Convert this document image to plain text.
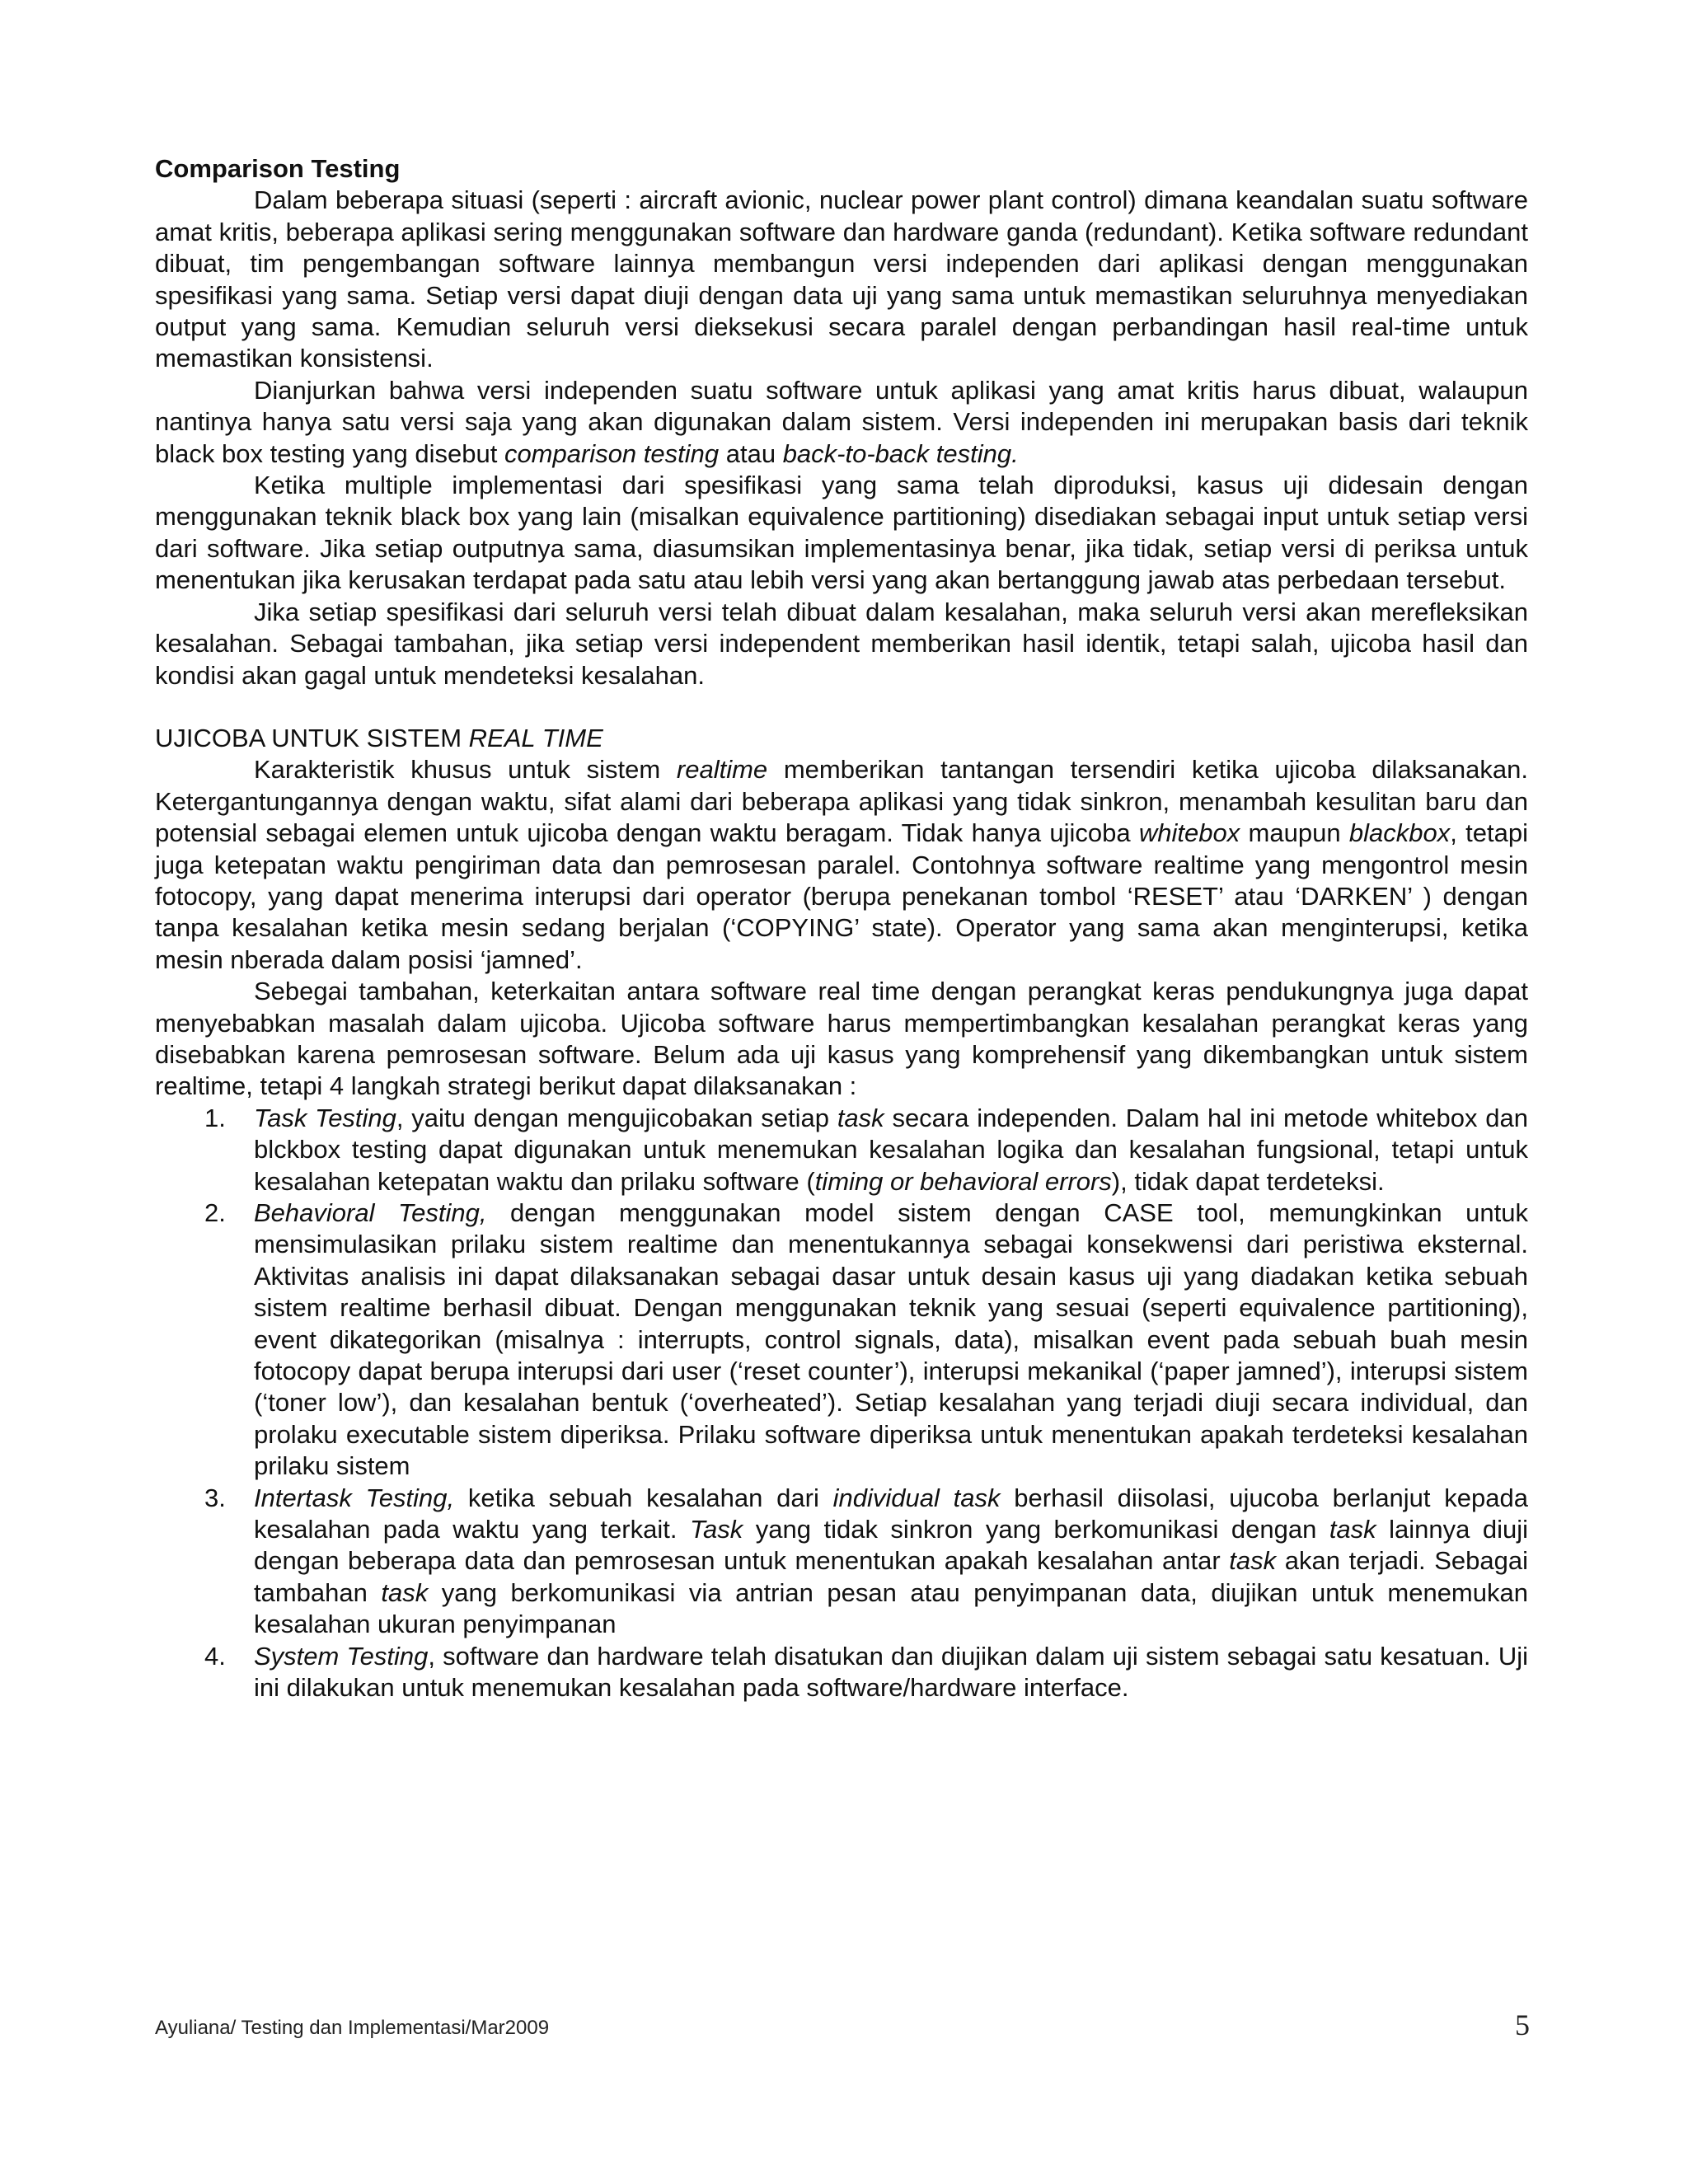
Comparison Testing

Dalam beberapa situasi (seperti : aircraft avionic, nuclear power plant control) dimana keandalan suatu software amat kritis, beberapa aplikasi sering menggunakan software dan hardware ganda (redundant). Ketika software redundant dibuat, tim pengembangan software lainnya membangun versi independen dari aplikasi dengan menggunakan spesifikasi yang sama. Setiap versi dapat diuji dengan data uji yang sama untuk memastikan seluruhnya menyediakan output yang sama. Kemudian seluruh versi dieksekusi secara paralel dengan perbandingan hasil real-time untuk memastikan konsistensi.

Dianjurkan bahwa versi independen suatu software untuk aplikasi yang amat kritis harus dibuat, walaupun nantinya hanya satu versi saja yang akan digunakan dalam sistem. Versi independen ini merupakan basis dari teknik black box testing yang disebut comparison testing atau back-to-back testing.

Ketika multiple implementasi dari spesifikasi yang sama telah diproduksi, kasus uji didesain dengan menggunakan teknik black box yang lain (misalkan equivalence partitioning) disediakan sebagai input untuk setiap versi dari software. Jika setiap outputnya sama, diasumsikan implementasinya benar, jika tidak, setiap versi di periksa untuk menentukan jika kerusakan terdapat pada satu atau lebih versi yang akan bertanggung jawab atas perbedaan tersebut.

Jika setiap spesifikasi dari seluruh versi telah dibuat dalam kesalahan, maka seluruh versi akan merefleksikan kesalahan. Sebagai tambahan, jika setiap versi independent memberikan hasil identik, tetapi salah, ujicoba hasil dan kondisi akan gagal untuk mendeteksi kesalahan.

UJICOBA UNTUK SISTEM REAL TIME

Karakteristik khusus untuk sistem realtime memberikan tantangan tersendiri ketika ujicoba dilaksanakan. Ketergantungannya dengan waktu, sifat alami dari beberapa aplikasi yang tidak sinkron, menambah kesulitan baru dan potensial sebagai elemen untuk ujicoba dengan waktu beragam. Tidak hanya ujicoba whitebox maupun blackbox, tetapi juga ketepatan waktu pengiriman data dan pemrosesan paralel. Contohnya software realtime yang mengontrol mesin fotocopy, yang dapat menerima interupsi dari operator (berupa penekanan tombol ‘RESET’ atau ‘DARKEN’ ) dengan tanpa kesalahan ketika mesin sedang berjalan (‘COPYING’ state). Operator yang sama akan menginterupsi, ketika mesin nberada dalam posisi ‘jamned’.

Sebegai tambahan, keterkaitan antara software real time dengan perangkat keras pendukungnya juga dapat menyebabkan masalah dalam ujicoba. Ujicoba software harus mempertimbangkan kesalahan perangkat keras yang disebabkan karena pemrosesan software. Belum ada uji kasus yang komprehensif yang dikembangkan untuk sistem realtime, tetapi 4 langkah strategi berikut dapat dilaksanakan :

1. Task Testing, yaitu dengan mengujicobakan setiap task secara independen. Dalam hal ini metode whitebox dan blckbox testing dapat digunakan untuk menemukan kesalahan logika dan kesalahan fungsional, tetapi untuk kesalahan ketepatan waktu dan prilaku software (timing or behavioral errors), tidak dapat terdeteksi.
2. Behavioral Testing, dengan menggunakan model sistem dengan CASE tool, memungkinkan untuk mensimulasikan prilaku sistem realtime dan menentukannya sebagai konsekwensi dari peristiwa eksternal. Aktivitas analisis ini dapat dilaksanakan sebagai dasar untuk desain kasus uji yang diadakan ketika sebuah sistem realtime berhasil dibuat. Dengan menggunakan teknik yang sesuai (seperti equivalence partitioning), event dikategorikan (misalnya : interrupts, control signals, data), misalkan event pada sebuah buah mesin fotocopy dapat berupa interupsi dari user (‘reset counter’), interupsi mekanikal (‘paper jamned’), interupsi sistem (‘toner low’), dan kesalahan bentuk (‘overheated’). Setiap kesalahan yang terjadi diuji secara individual, dan prolaku executable sistem diperiksa. Prilaku software diperiksa untuk menentukan apakah terdeteksi kesalahan prilaku sistem
3. Intertask Testing, ketika sebuah kesalahan dari individual task berhasil diisolasi, ujucoba berlanjut kepada kesalahan pada waktu yang terkait. Task yang tidak sinkron yang berkomunikasi dengan task lainnya diuji dengan beberapa data dan pemrosesan untuk menentukan apakah kesalahan antar task akan terjadi. Sebagai tambahan task yang berkomunikasi via antrian pesan atau penyimpanan data, diujikan untuk menemukan kesalahan ukuran penyimpanan
4. System Testing, software dan hardware telah disatukan dan diujikan dalam uji sistem sebagai satu kesatuan. Uji ini dilakukan untuk menemukan kesalahan pada software/hardware interface.
Ayuliana/ Testing dan Implementasi/Mar2009	5
